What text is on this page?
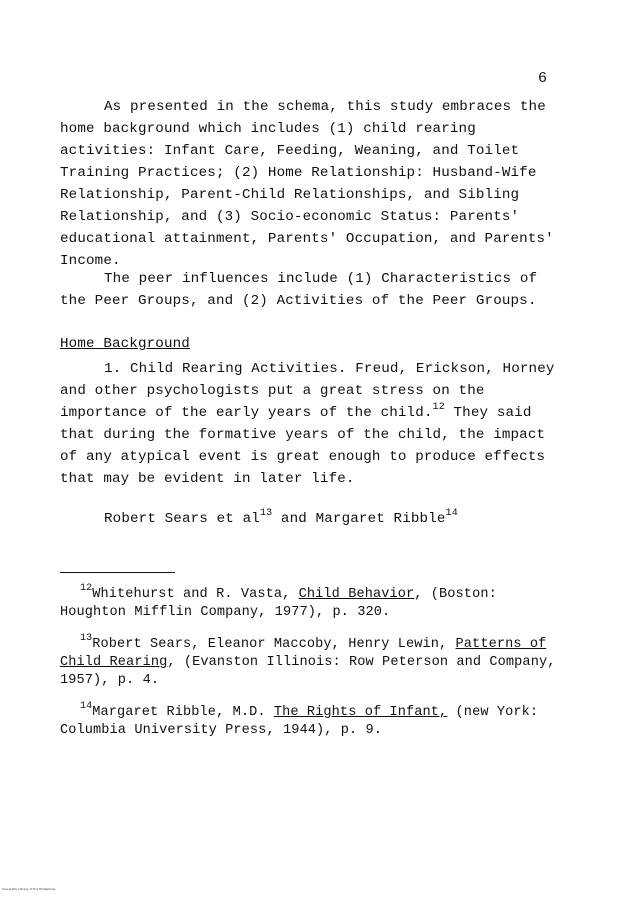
6

As presented in the schema, this study embraces the home background which includes (1) child rearing activities: Infant Care, Feeding, Weaning, and Toilet Training Practices; (2) Home Relationship: Husband-Wife Relationship, Parent-Child Relationships, and Sibling Relationship, and (3) Socio-economic Status: Parents' educational attainment, Parents' Occupation, and Parents' Income.

The peer influences include (1) Characteristics of the Peer Groups, and (2) Activities of the Peer Groups.

Home Background

1. Child Rearing Activities. Freud, Erickson, Horney and other psychologists put a great stress on the importance of the early years of the child.$^{12}$ They said that during the formative years of the child, the impact of any atypical event is great enough to produce effects that may be evident in later life.

Robert Sears et $al^{13}$ and Margaret Ribble$^{14}$

$^{12}$Whitehurst and R. Vasta, Child Behavior, (Boston: Houghton Mifflin Company, 1977), p. 320.

$^{13}$Robert Sears, Eleanor Maccoby, Henry Lewin, Patterns of Child Rearing, (Evanston Illinois: Row Peterson and Company, 1957), p. 4.

$^{14}$Margaret Ribble, M.D. The Rights of Infant, (new York: Columbia University Press, 1944), p. 9.

University Library of the Philippines
